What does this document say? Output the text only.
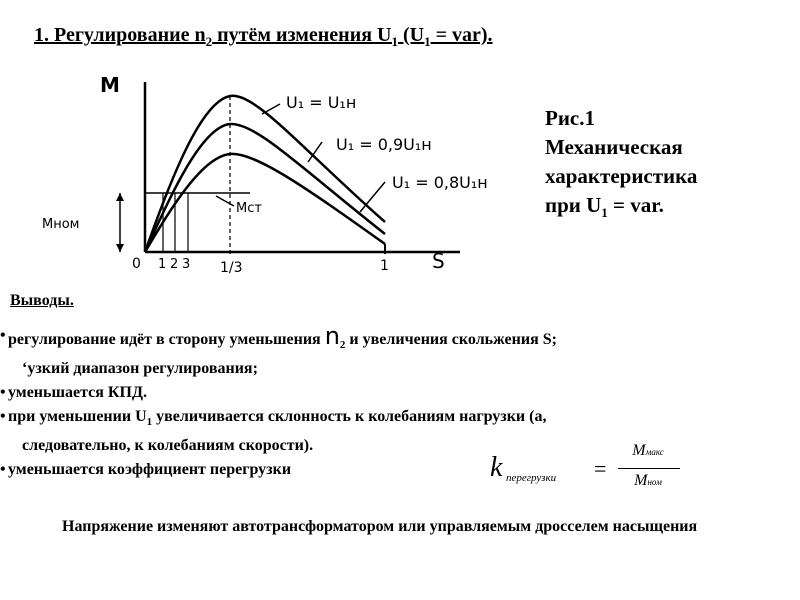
1. Регулирование $n_2$ путём изменения $U_1$ $(U_1 = var)$.
M
S
Mном
Mст
0 1 2 3 1/3	1
U₁ = U₁н
U₁ = 0,9U₁н
U₁ = 0,8U₁н
Рис.1
Механическая
характеристика
при $U_1$ = var.
Выводы.
• регулирование идёт в сторону уменьшения $n_2$ и увеличения скольжения S;
‘узкий диапазон регулирования;
• уменьшается КПД.
• при уменьшении $U_1$ увеличивается склонность к колебаниям нагрузки (а,
следовательно, к колебаниям скорости).
• уменьшается коэффициент перегрузки	k перегрузки =
Mмакс
Mном
Напряжение изменяют автотрансформатором или управляемым дросселем насыщения
